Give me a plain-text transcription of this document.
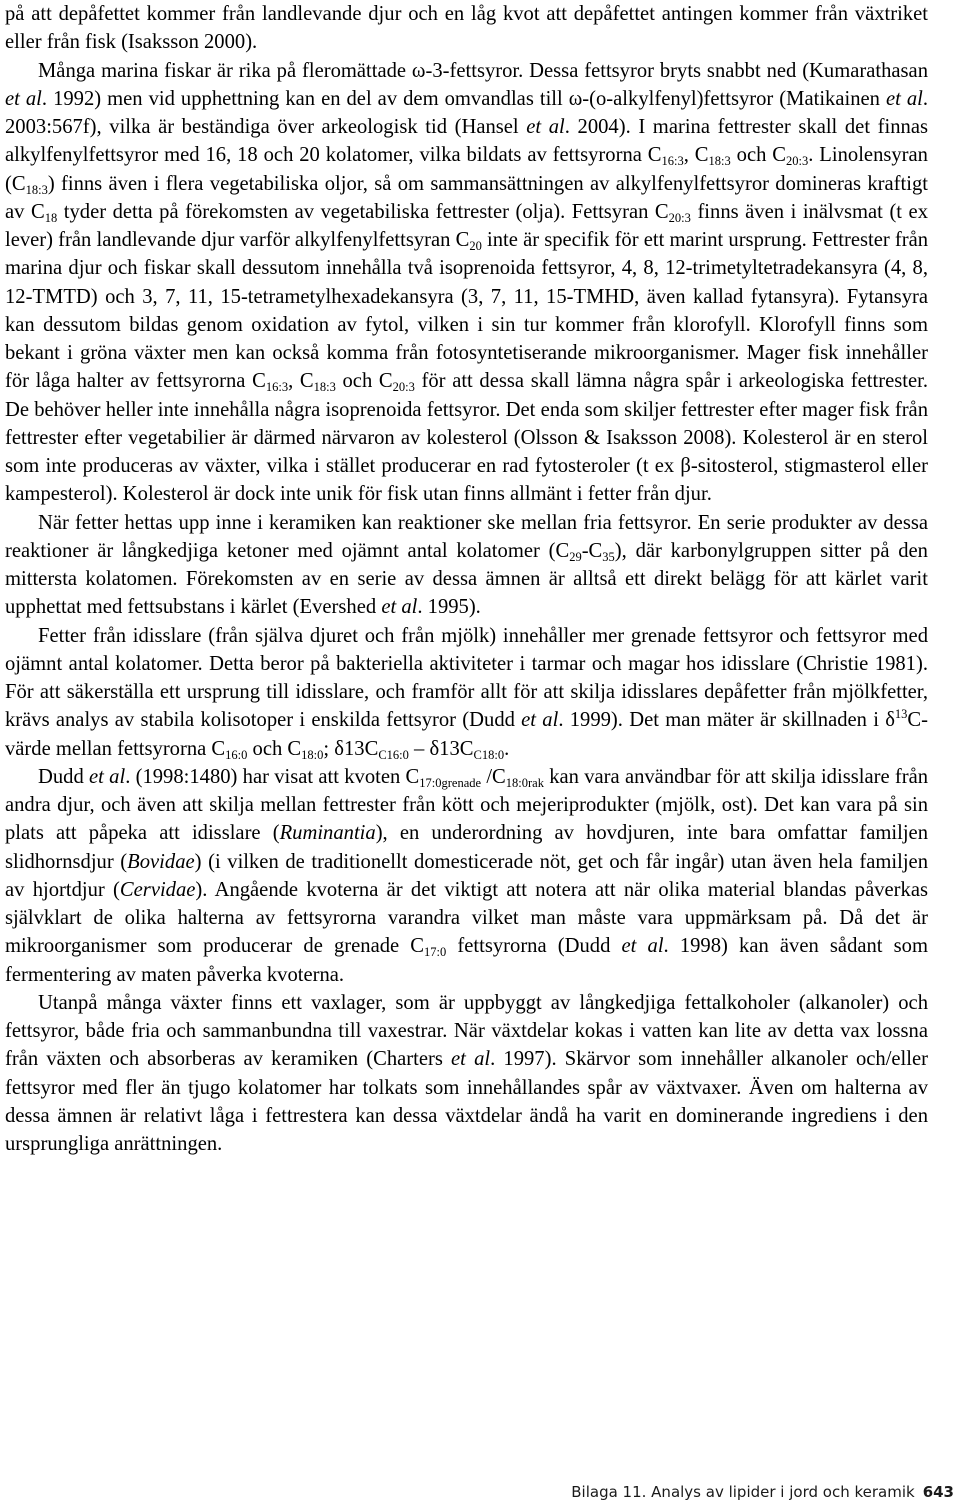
på att depåfettet kommer från landlevande djur och en låg kvot att depåfettet antingen kommer från växtriket eller från fisk (Isaksson 2000).

Många marina fiskar är rika på fleromättade ω-3-fettsyror. Dessa fettsyror bryts snabbt ned (Kumarathasan et al. 1992) men vid upphettning kan en del av dem omvandlas till ω-(o-alkylfenyl)fettsyror (Matikainen et al. 2003:567f), vilka är beständiga över arkeologisk tid (Hansel et al. 2004). I marina fettrester skall det finnas alkylfenylfettsyror med 16, 18 och 20 kolatomer, vilka bildats av fettsyrorna $C_{16:3}$, $C_{18:3}$ och $C_{20:3}$. Linolensyran $(C_{18:3})$ finns även i flera vegetabiliska oljor, så om sammansättningen av alkylfenylfettsyror domineras kraftigt av $C_{18}$ tyder detta på förekomsten av vegetabiliska fettrester (olja). Fettsyran $C_{20:3}$ finns även i inälvsmat (t ex lever) från landlevande djur varför alkylfenylfettsyran $C_{20}$ inte är specifik för ett marint ursprung. Fettrester från marina djur och fiskar skall dessutom innehålla två isoprenoida fettsyror, 4, 8, 12-trimetyltetradekansyra (4, 8, 12-TMTD) och 3, 7, 11, 15-tetrametylhexadekansyra (3, 7, 11, 15-TMHD, även kallad fytansyra). Fytansyra kan dessutom bildas genom oxidation av fytol, vilken i sin tur kommer från klorofyll. Klorofyll finns som bekant i gröna växter men kan också komma från fotosyntetiserande mikroorganismer. Mager fisk innehåller för låga halter av fettsyrorna $C_{16:3}$, $C_{18:3}$ och $C_{20:3}$ för att dessa skall lämna några spår i arkeologiska fettrester. De behöver heller inte innehålla några isoprenoida fettsyror. Det enda som skiljer fettrester efter mager fisk från fettrester efter vegetabilier är därmed närvaron av kolesterol (Olsson & Isaksson 2008). Kolesterol är en sterol som inte produceras av växter, vilka i stället producerar en rad fytosteroler (t ex β-sitosterol, stigmasterol eller kampesterol). Kolesterol är dock inte unik för fisk utan finns allmänt i fetter från djur.

När fetter hettas upp inne i keramiken kan reaktioner ske mellan fria fettsyror. En serie produkter av dessa reaktioner är långkedjiga ketoner med ojämnt antal kolatomer $(C_{29}-C_{35})$, där karbonylgruppen sitter på den mittersta kolatomen. Förekomsten av en serie av dessa ämnen är alltså ett direkt belägg för att kärlet varit upphettat med fettsubstans i kärlet (Evershed et al. 1995).

Fetter från idisslare (från själva djuret och från mjölk) innehåller mer grenade fettsyror och fettsyror med ojämnt antal kolatomer. Detta beror på bakteriella aktiviteter i tarmar och magar hos idisslare (Christie 1981). För att säkerställa ett ursprung till idisslare, och framför allt för att skilja idisslares depåfetter från mjölkfetter, krävs analys av stabila kolisotoper i enskilda fettsyror (Dudd et al. 1999). Det man mäter är skillnaden i $\delta^{13}C$-värde mellan fettsyrorna $C_{16:0}$ och $C_{18:0}$; $\delta 13C_{C16:0} - \delta 13C_{C18:0}$.

Dudd et al. (1998:1480) har visat att kvoten $C_{17:0grenade}$ $/C_{18:0rak}$ kan vara användbar för att skilja idisslare från andra djur, och även att skilja mellan fettrester från kött och mejeriprodukter (mjölk, ost). Det kan vara på sin plats att påpeka att idisslare (Ruminantia), en underordning av hovdjuren, inte bara omfattar familjen slidhornsdjur (Bovidae) (i vilken de traditionellt domesticerade nöt, get och får ingår) utan även hela familjen av hjortdjur (Cervidae). Angående kvoterna är det viktigt att notera att när olika material blandas påverkas självklart de olika halterna av fettsyrorna varandra vilket man måste vara uppmärksam på. Då det är mikroorganismer som producerar de grenade $C_{17:0}$ fettsyrorna (Dudd et al. 1998) kan även sådant som fermentering av maten påverka kvoterna.

Utanpå många växter finns ett vaxlager, som är uppbyggt av långkedjiga fettalkoholer (alkanoler) och fettsyror, både fria och sammanbundna till vaxestrar. När växtdelar kokas i vatten kan lite av detta vax lossna från växten och absorberas av keramiken (Charters et al. 1997). Skärvor som innehåller alkanoler och/eller fettsyror med fler än tjugo kolatomer har tolkats som innehållandes spår av växtvaxer. Även om halterna av dessa ämnen är relativt låga i fettrestera kan dessa växtdelar ändå ha varit en dominerande ingrediens i den ursprungliga anrättningen.

Bilaga 11. Analys av lipider i jord och keramik 643
